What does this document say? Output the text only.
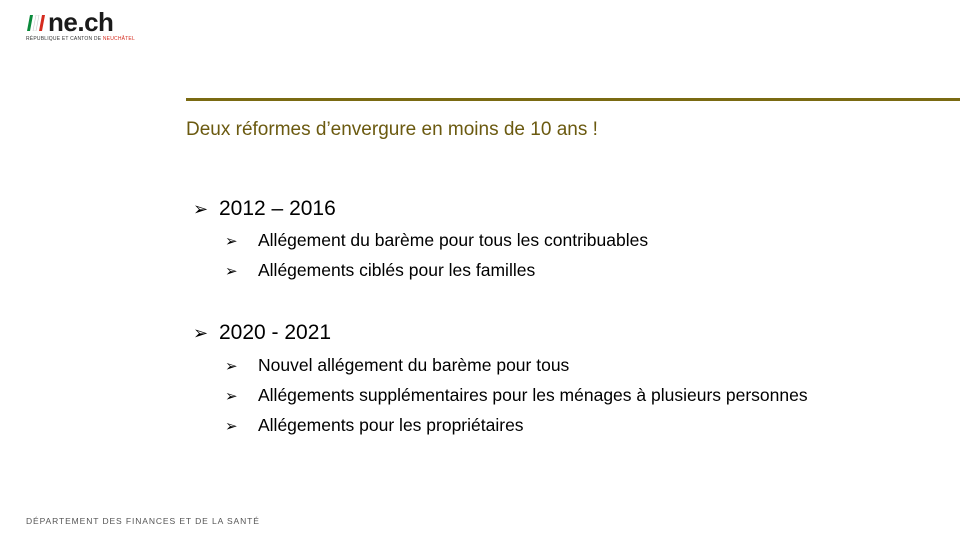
ne.ch
RÉPUBLIQUE ET CANTON DE NEUCHÂTEL
Deux réformes d’envergure en moins de 10 ans !
➢ 2012 – 2016
➢ Allégement du barème pour tous les contribuables
➢ Allégements ciblés pour les familles
➢ 2020 - 2021
➢ Nouvel allégement du barème pour tous
➢ Allégements supplémentaires pour les ménages à plusieurs personnes
➢ Allégements pour les propriétaires
DÉPARTEMENT DES FINANCES ET DE LA SANTÉ
